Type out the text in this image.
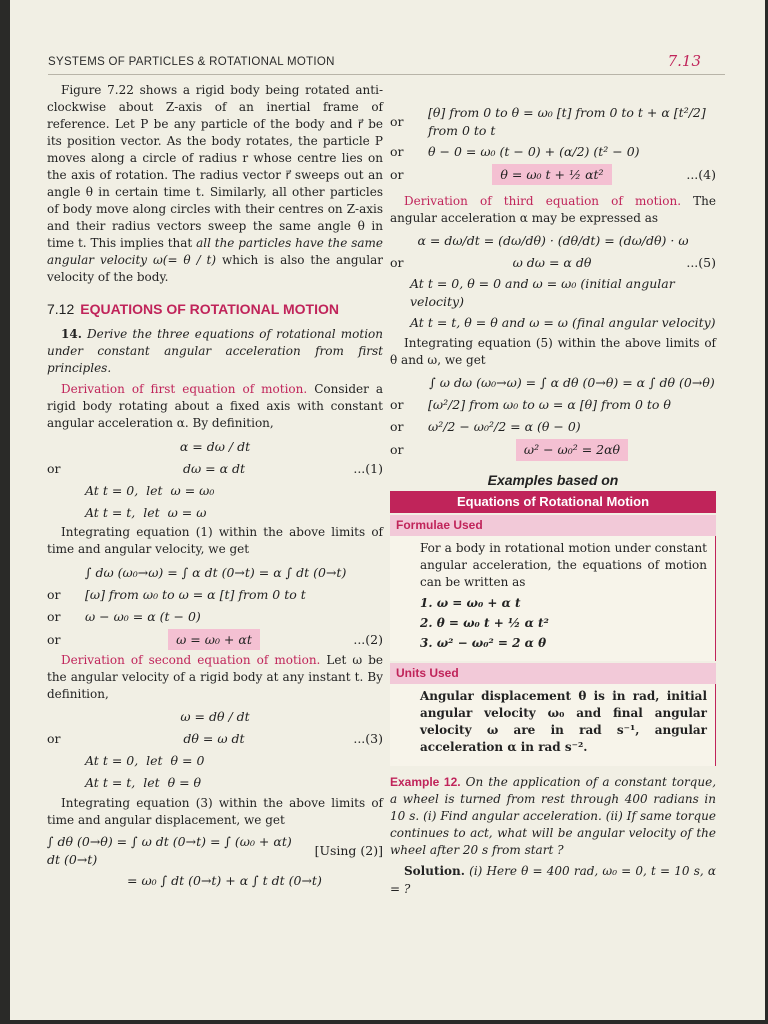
SYSTEMS OF PARTICLES & ROTATIONAL MOTION	7.13

Figure 7.22 shows a rigid body being rotated anti-clockwise about Z-axis of an inertial frame of reference. Let P be any particle of the body and r⃗ be its position vector. As the body rotates, the particle P moves along a circle of radius r whose centre lies on the axis of rotation. The radius vector r⃗ sweeps out an angle θ in certain time t. Similarly, all other particles of body move along circles with their centres on Z-axis and their radius vectors sweep the same angle θ in time t. This implies that all the particles have the same angular velocity ω(= θ / t) which is also the angular velocity of the body.

7.12 EQUATIONS OF ROTATIONAL MOTION

14. Derive the three equations of rotational motion under constant angular acceleration from first principles.

Derivation of first equation of motion. Consider a rigid body rotating about a fixed axis with constant angular acceleration α. By definition,

α = dω / dt
or	dω = α dt	...(1)
At t = 0, let ω = ω₀
At t = t, let ω = ω

Integrating equation (1) within the above limits of time and angular velocity, we get

∫ dω (ω₀→ω) = ∫ α dt (0→t) = α ∫ dt (0→t)
or	[ω] from ω₀ to ω = α [t] from 0 to t
or	ω − ω₀ = α (t − 0)
or	ω = ω₀ + αt	...(2)

Derivation of second equation of motion. Let ω be the angular velocity of a rigid body at any instant t. By definition,

ω = dθ / dt
or	dθ = ω dt	...(3)
At t = 0, let θ = 0
At t = t, let θ = θ

Integrating equation (3) within the above limits of time and angular displacement, we get

∫ dθ (0→θ) = ∫ ω dt (0→t) = ∫ (ω₀ + αt) dt (0→t)
[Using (2)]
= ω₀ ∫ dt (0→t) + α ∫ t dt (0→t)
or
[θ] from 0 to θ = ω₀ [t] from 0 to t + α [t²/2] from 0 to t
or	θ − 0 = ω₀ (t − 0) + (α/2) (t² − 0)
or	θ = ω₀ t + ½ αt²	...(4)

Derivation of third equation of motion. The angular acceleration α may be expressed as

α = dω/dt = (dω/dθ) · (dθ/dt) = (dω/dθ) · ω
or	ω dω = α dθ	...(5)
At t = 0, θ = 0 and ω = ω₀ (initial angular velocity)
At t = t, θ = θ and ω = ω (final angular velocity)

Integrating equation (5) within the above limits of θ and ω, we get

∫ ω dω (ω₀→ω) = ∫ α dθ (0→θ) = α ∫ dθ (0→θ)
or	[ω²/2] from ω₀ to ω = α [θ] from 0 to θ
or	ω²/2 − ω₀²/2 = α (θ − 0)
or	ω² − ω₀² = 2αθ
Examples based on
Equations of Rotational Motion
Formulae Used

For a body in rotational motion under constant angular acceleration, the equations of motion can be written as

1. ω = ω₀ + α t
2. θ = ω₀ t + ½ α t²
3. ω² − ω₀² = 2 α θ
Units Used

Angular displacement θ is in rad, initial angular velocity ω₀ and final angular velocity ω are in rad s⁻¹, angular acceleration α in rad s⁻².

Example 12. On the application of a constant torque, a wheel is turned from rest through 400 radians in 10 s. (i) Find angular acceleration. (ii) If same torque continues to act, what will be angular velocity of the wheel after 20 s from start ?

Solution. (i) Here θ = 400 rad, ω₀ = 0, t = 10 s, α = ?
